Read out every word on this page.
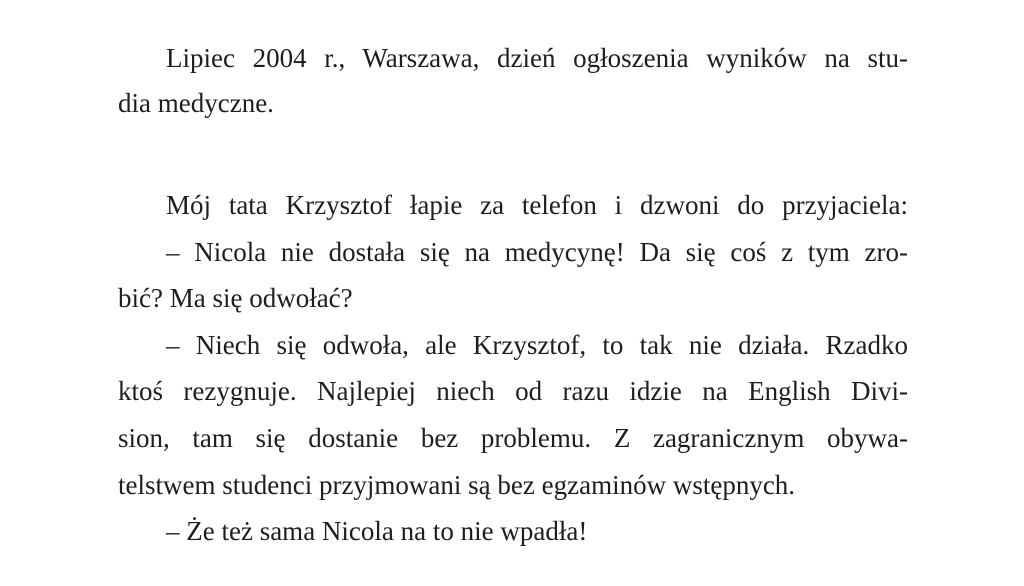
Lipiec 2004 r., Warszawa, dzień ogłoszenia wyników na stu-
dia medyczne.
Mój tata Krzysztof łapie za telefon i dzwoni do przyjaciela:
– Nicola nie dostała się na medycynę! Da się coś z tym zro-
bić? Ma się odwołać?
– Niech się odwoła, ale Krzysztof, to tak nie działa. Rzadko
ktoś rezygnuje. Najlepiej niech od razu idzie na English Divi-
sion, tam się dostanie bez problemu. Z zagranicznym obywa-
telstwem studenci przyjmowani są bez egzaminów wstępnych.
– Że też sama Nicola na to nie wpadła!
